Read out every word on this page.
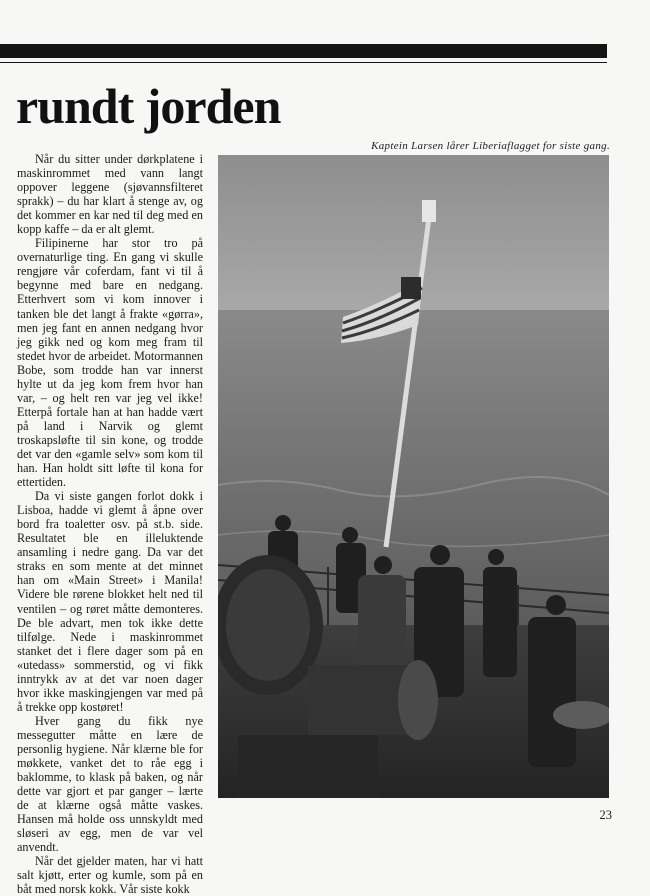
rundt jorden
Kaptein Larsen lårer Liberiaflagget for siste gang.

Når du sitter under dørkplatene i maskinrommet med vann langt oppover leggene (sjøvannsfilteret sprakk) – du har klart å stenge av, og det kommer en kar ned til deg med en kopp kaffe – da er alt glemt.

Filipinerne har stor tro på overnaturlige ting. En gang vi skulle rengjøre vår coferdam, fant vi til å begynne med bare en nedgang. Etterhvert som vi kom innover i tanken ble det langt å frakte «gørra», men jeg fant en annen nedgang hvor jeg gikk ned og kom meg fram til stedet hvor de arbeidet. Motormannen Bobe, som trodde han var innerst hylte ut da jeg kom frem hvor han var, – og helt ren var jeg vel ikke! Etterpå fortale han at han hadde vært på land i Narvik og glemt troskapsløfte til sin kone, og trodde det var den «gamle selv» som kom til han. Han holdt sitt løfte til kona for ettertiden.

Da vi siste gangen forlot dokk i Lisboa, hadde vi glemt å åpne over bord fra toaletter osv. på st.b. side. Resultatet ble en illeluktende ansamling i nedre gang. Da var det straks en som mente at det minnet han om «Main Street» i Manila! Videre ble rørene blokket helt ned til ventilen – og røret måtte demonteres. De ble advart, men tok ikke dette tilfølge. Nede i maskinrommet stanket det i flere dager som på en «utedass» sommerstid, og vi fikk inntrykk av at det var noen dager hvor ikke maskingjengen var med på å trekke opp kostøret!

Hver gang du fikk nye messegutter måtte en lære de personlig hygiene. Når klærne ble for møkkete, vanket det to råe egg i baklomme, to klask på baken, og når dette var gjort et par ganger – lærte de at klærne også måtte vaskes. Hansen må holde oss unnskyldt med sløseri av egg, men de var vel anvendt.

Når det gjelder maten, har vi hatt salt kjøtt, erter og kumle, som på en båt med norsk kokk. Vår siste kokk

23
